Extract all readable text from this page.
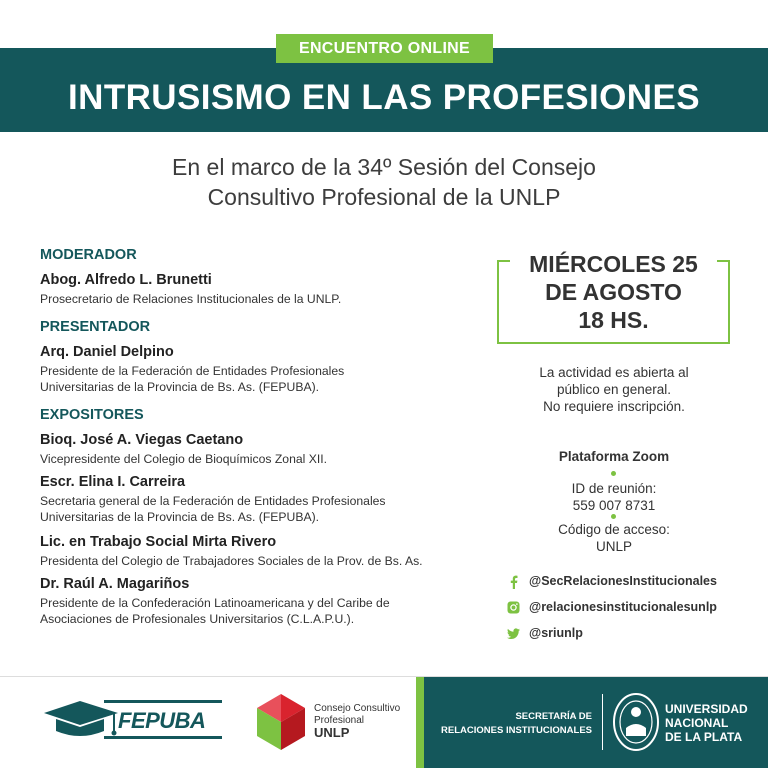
ENCUENTRO ONLINE
INTRUSISMO EN LAS PROFESIONES
En el marco de la 34º Sesión del Consejo
Consultivo Profesional de la UNLP
MODERADOR
Abog. Alfredo L. Brunetti
Prosecretario de Relaciones Institucionales de la UNLP.
PRESENTADOR
Arq. Daniel Delpino
Presidente de la Federación de Entidades Profesionales
Universitarias de la Provincia de Bs. As. (FEPUBA).
EXPOSITORES
Bioq. José A. Viegas Caetano
Vicepresidente del Colegio de Bioquímicos Zonal XII.
Escr. Elina I. Carreira
Secretaria general de la Federación de Entidades Profesionales
Universitarias de la Provincia de Bs. As. (FEPUBA).
Lic. en Trabajo Social Mirta Rivero
Presidenta del Colegio de Trabajadores Sociales de la Prov. de Bs. As.
Dr. Raúl A. Magariños
Presidente de la Confederación Latinoamericana y del Caribe de
Asociaciones de Profesionales Universitarios (C.L.A.P.U.).
MIÉRCOLES 25
DE AGOSTO
18 HS.
La actividad es abierta al
público en general.
No requiere inscripción.
Plataforma Zoom
ID de reunión:
559 007 8731
Código de acceso:
UNLP
@SecRelacionesInstitucionales
@relacionesinstitucionalesunlp
@sriunlp
FEPUBA	Consejo Consultivo
Profesional
UNLP
SECRETARÍA DE
RELACIONES INSTITUCIONALES
UNIVERSIDAD
NACIONAL
DE LA PLATA
